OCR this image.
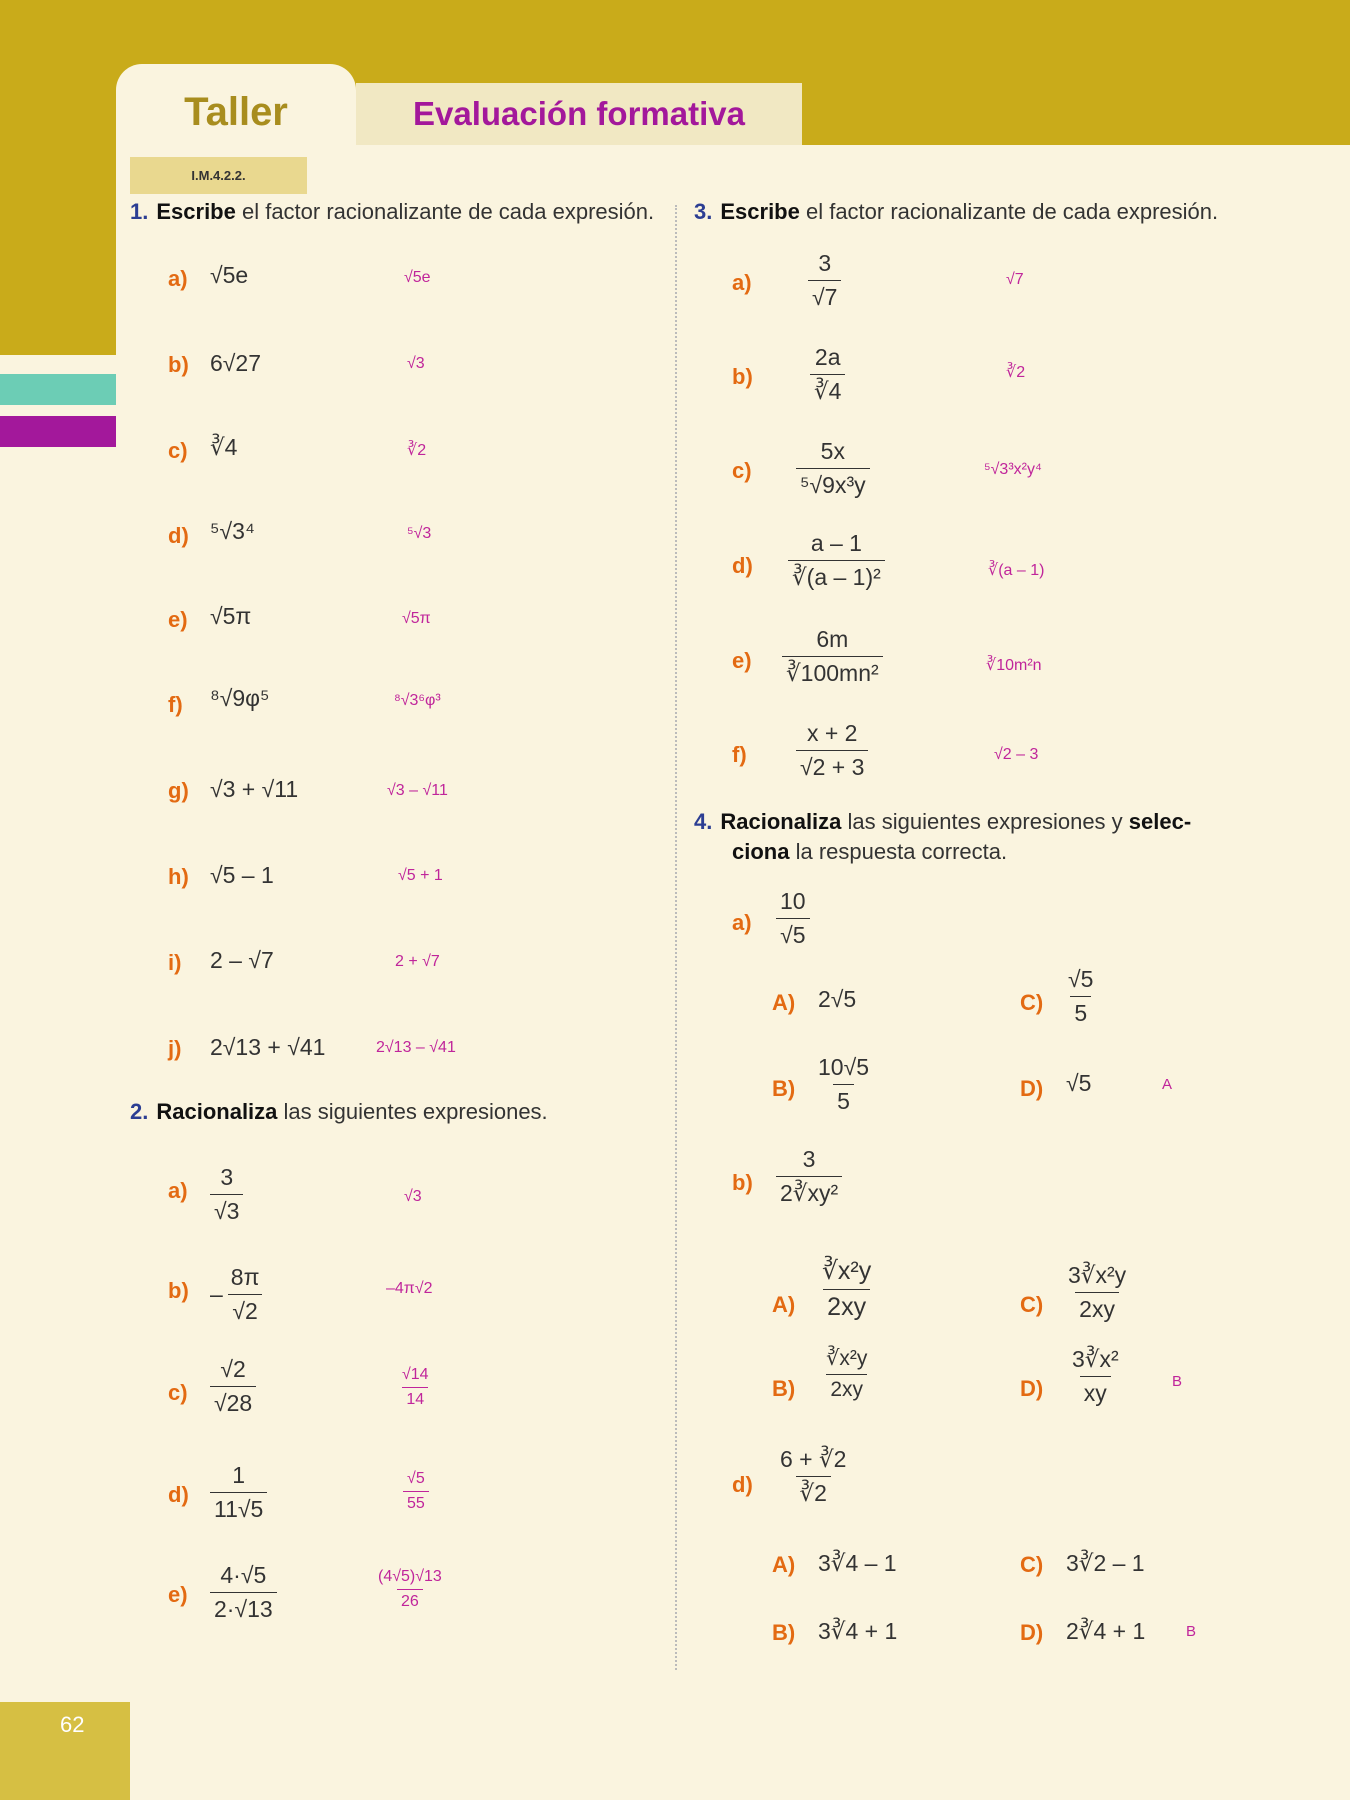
Taller	Evaluación formativa
I.M.4.2.2.
62
1. Escribe el factor racionalizante de cada expresión.
a) √5e	√5e
b) 6√27	√3
c) ∛4	∛2
d) ⁵√3⁴	⁵√3
e) √5π	√5π
f) ⁸√9φ⁵	⁸√3⁶φ³
g) √3 + √11	√3 – √11
h) √5 – 1	√5 + 1
i) 2 – √7	2 + √7
j) 2√13 + √41	2√13 – √41
2. Racionaliza las siguientes expresiones.
$a) \frac{3}{√3}$	√3
$b) - \frac{8\pi}{√2}$	–4π√2
$c) \frac{√2}{√28}$	$\frac{√14}{14}$
$d) \frac{1}{11√5}$	$\frac{√5}{55}$
$e) \frac{4\cdot√5}{2\cdot√13}$	$\frac{(4√5)√13}{26}$
3. Escribe el factor racionalizante de cada expresión.
$a) \frac{3}{√7}$	√7
$b) \frac{2a}{∛4}$	∛2
$c) \frac{5x}{\text{⁵√9x³y}}$	⁵√3³x²y⁴
$d) \frac{a - 1}{\text{∛(a – 1)²}}$	∛(a – 1)
$e) \frac{6m}{\text{∛100mn²}}$	∛10m²n
$f) \frac{x + 2}{√2 + 3}$	√2 – 3
4. Racionaliza las siguientes expresiones y selec-
ciona la respuesta correcta.
$a) \frac{10}{√5}$
A) 2√5	$C) \frac{√5}{5}$
$B) \frac{10√5}{5}$	D) √5	A
$b) \frac{3}{\text{2∛xy²}}$
$A) \frac{\text{∛x²y}}{2xy}$	$C) \frac{\text{3∛x²y}}{2xy}$
$B) \frac{\text{∛x²y}}{2xy}$	$D) \frac{\text{3∛x²}}{xy}$	B
$d) \frac{6 + ∛2}{∛2}$
A) 3∛4 – 1	C) 3∛2 – 1
B) 3∛4 + 1	D) 2∛4 + 1	B
